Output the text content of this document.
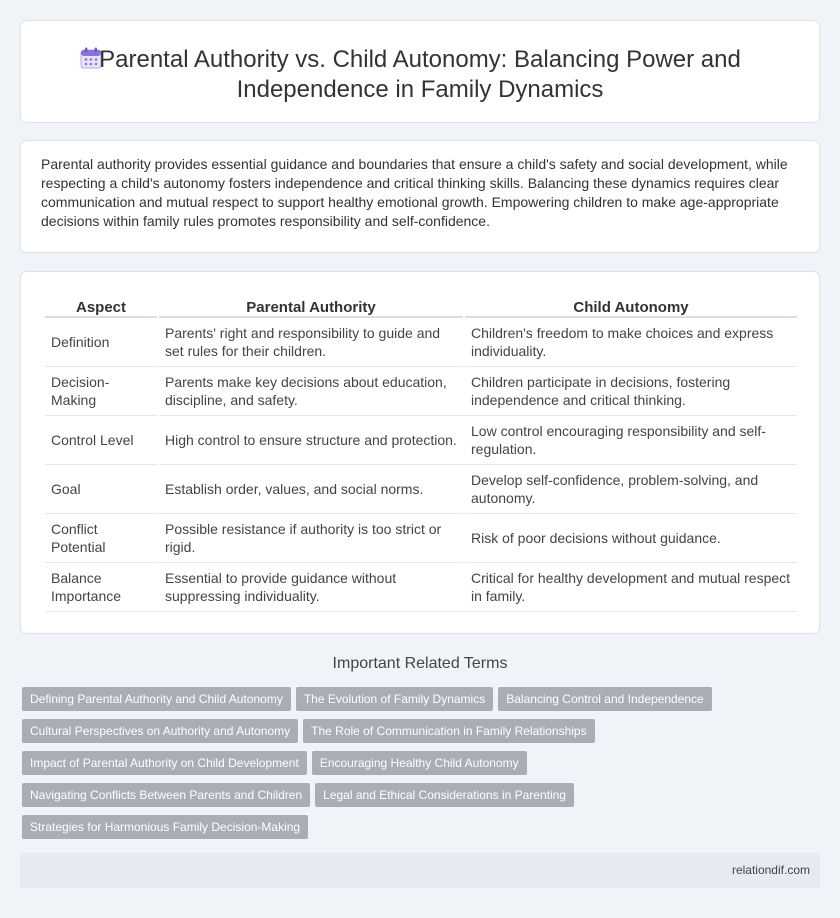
Parental Authority vs. Child Autonomy: Balancing Power and Independence in Family Dynamics

Parental authority provides essential guidance and boundaries that ensure a child's safety and social development, while respecting a child's autonomy fosters independence and critical thinking skills. Balancing these dynamics requires clear communication and mutual respect to support healthy emotional growth. Empowering children to make age-appropriate decisions within family rules promotes responsibility and self-confidence.

Aspect	Parental Authority	Child Autonomy
Definition	Parents' right and responsibility to guide and set rules for their children.	Children's freedom to make choices and express individuality.
Decision-Making	Parents make key decisions about education, discipline, and safety.	Children participate in decisions, fostering independence and critical thinking.
Control Level	High control to ensure structure and protection.	Low control encouraging responsibility and self-regulation.
Goal	Establish order, values, and social norms.	Develop self-confidence, problem-solving, and autonomy.
Conflict Potential	Possible resistance if authority is too strict or rigid.	Risk of poor decisions without guidance.
Balance Importance	Essential to provide guidance without suppressing individuality.	Critical for healthy development and mutual respect in family.
Important Related Terms
Defining Parental Authority and Child Autonomy The Evolution of Family Dynamics Balancing Control and Independence
Cultural Perspectives on Authority and Autonomy The Role of Communication in Family Relationships
Impact of Parental Authority on Child Development Encouraging Healthy Child Autonomy
Navigating Conflicts Between Parents and Children Legal and Ethical Considerations in Parenting
Strategies for Harmonious Family Decision-Making
relationdif.com
